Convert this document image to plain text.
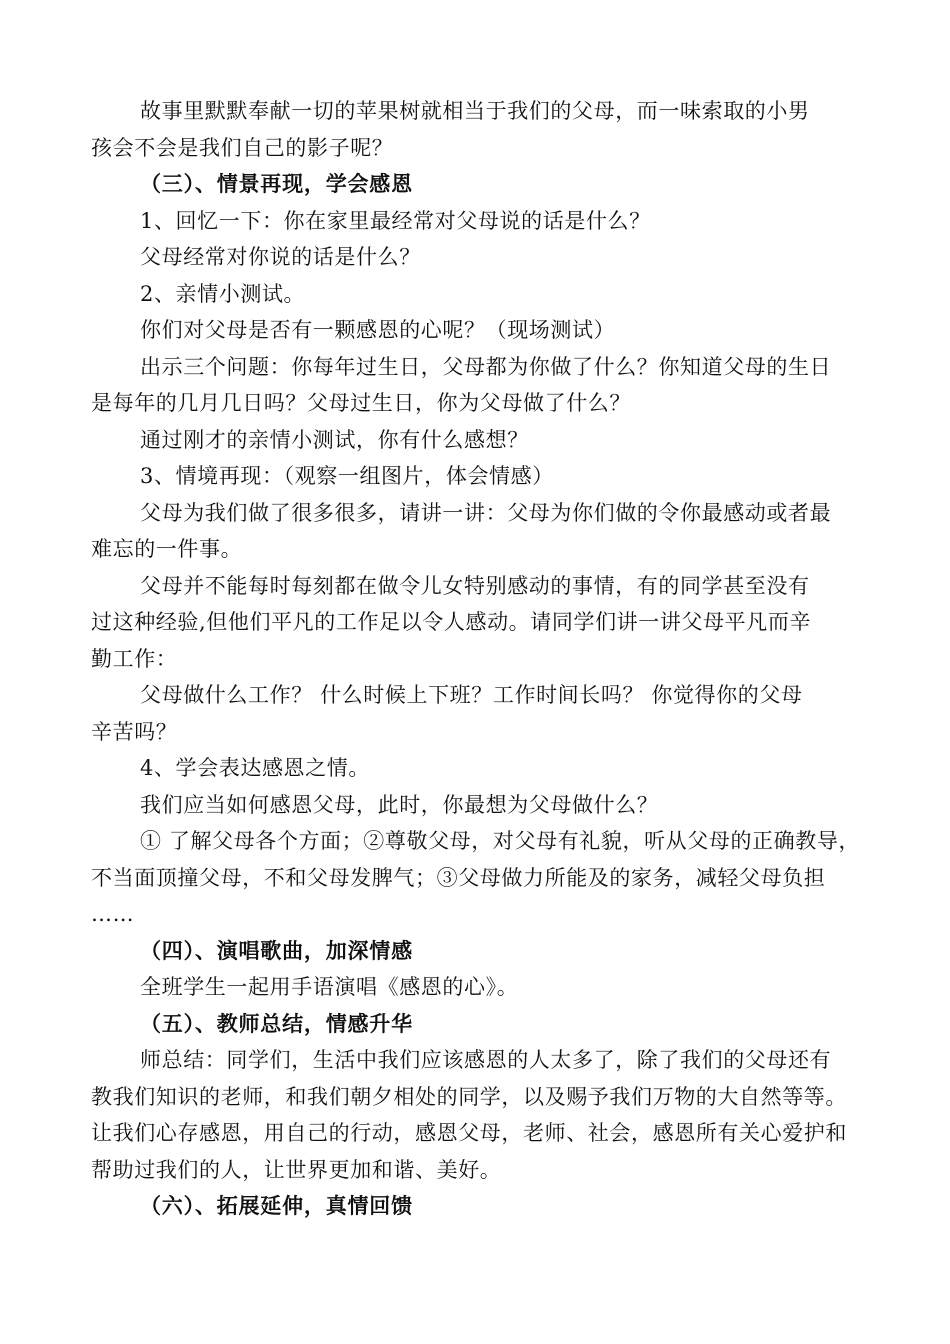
故事里默默奉献一切的苹果树就相当于我们的父母，而一味索取的小男
孩会不会是我们自己的影子呢？
（三）、情景再现，学会感恩
1、回忆一下：你在家里最经常对父母说的话是什么？
父母经常对你说的话是什么？
2、亲情小测试。
你们对父母是否有一颗感恩的心呢？（现场测试）
出示三个问题：你每年过生日，父母都为你做了什么？你知道父母的生日
是每年的几月几日吗？父母过生日，你为父母做了什么？
通过刚才的亲情小测试，你有什么感想？
3、情境再现：（观察一组图片，体会情感）
父母为我们做了很多很多，请讲一讲：父母为你们做的令你最感动或者最
难忘的一件事。
父母并不能每时每刻都在做令儿女特别感动的事情，有的同学甚至没有
过这种经验,但他们平凡的工作足以令人感动。请同学们讲一讲父母平凡而辛
勤工作：
父母做什么工作？ 什么时候上下班？工作时间长吗？ 你觉得你的父母
辛苦吗？
4、学会表达感恩之情。
我们应当如何感恩父母，此时，你最想为父母做什么？
① 了解父母各个方面；②尊敬父母，对父母有礼貌，听从父母的正确教导，
不当面顶撞父母，不和父母发脾气；③父母做力所能及的家务，减轻父母负担
……
（四）、演唱歌曲，加深情感
全班学生一起用手语演唱《感恩的心》。
（五）、教师总结，情感升华
师总结：同学们，生活中我们应该感恩的人太多了，除了我们的父母还有
教我们知识的老师，和我们朝夕相处的同学，以及赐予我们万物的大自然等等。
让我们心存感恩，用自己的行动，感恩父母，老师、社会，感恩所有关心爱护和
帮助过我们的人，让世界更加和谐、美好。
（六）、拓展延伸，真情回馈
